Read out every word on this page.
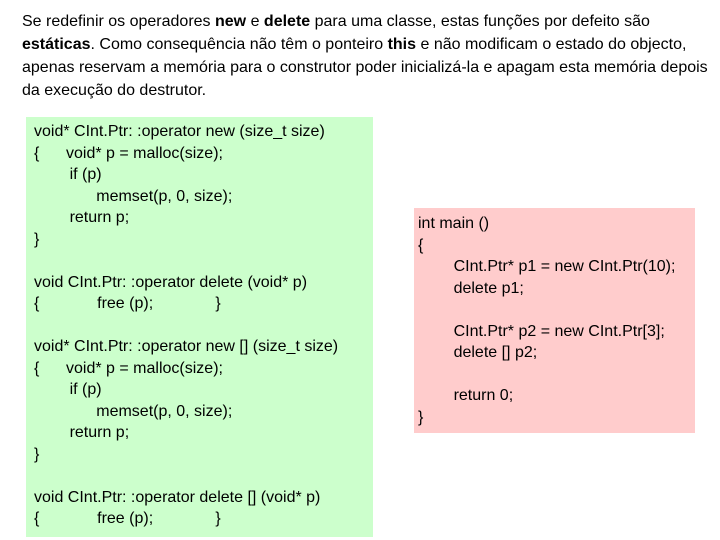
Se redefinir os operadores new e delete para uma classe, estas funções por defeito são estáticas. Como consequência não têm o ponteiro this e não modificam o estado do objecto, apenas reservam a memória para o construtor poder inicializá-la e apagam esta memória depois da execução do destrutor.

void* CInt.Ptr: :operator new (size_t size)
{      void* p = malloc(size);
if (p)
memset(p, 0, size);
return p;
}
void CInt.Ptr: :operator delete (void* p)
{             free (p);              }
void* CInt.Ptr: :operator new [] (size_t size)
{      void* p = malloc(size);
if (p)
memset(p, 0, size);
return p;
}
void CInt.Ptr: :operator delete [] (void* p)
{             free (p);              }
int main ()
{
CInt.Ptr* p1 = new CInt.Ptr(10);
delete p1;
CInt.Ptr* p2 = new CInt.Ptr[3];
delete [] p2;
return 0;
}
